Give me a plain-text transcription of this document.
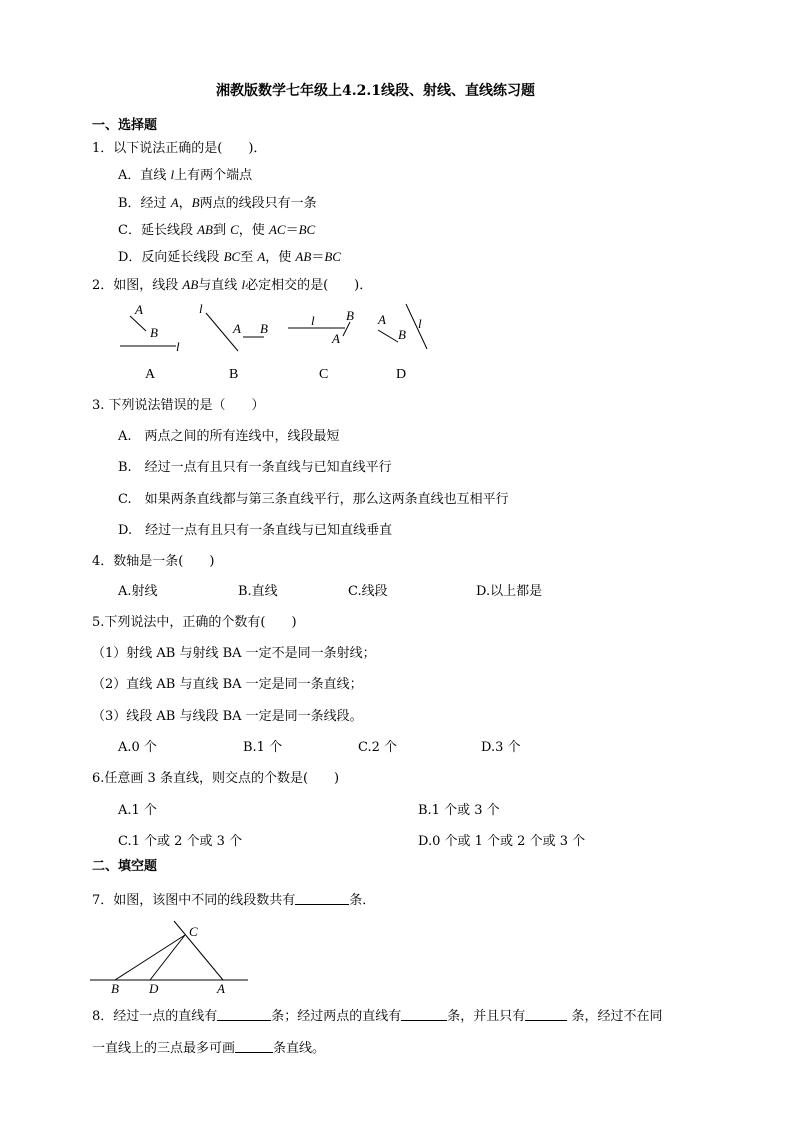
湘教版数学七年级上4.2.1线段、射线、直线练习题
一、选择题
1．以下说法正确的是(　　)．
A．直线 l上有两个端点
B．经过 A，B两点的线段只有一条
C．延长线段 AB到 C，使 AC＝BC
D．反向延长线段 BC至 A，使 AB＝BC
2．如图，线段 AB与直线 l必定相交的是(　　)．
A
B
l
l
A B
l B
A
A
B
l
A	B	C	D
3. 下列说法错误的是（　　）
A.　两点之间的所有连线中，线段最短
B.　经过一点有且只有一条直线与已知直线平行
C.　如果两条直线都与第三条直线平行，那么这两条直线也互相平行
D.　经过一点有且只有一条直线与已知直线垂直
4．数轴是一条(　　)
A.射线	B.直线	C.线段	D.以上都是
5.下列说法中，正确的个数有(　　)
（1）射线 AB 与射线 BA 一定不是同一条射线；
（2）直线 AB 与直线 BA 一定是同一条直线；
（3）线段 AB 与线段 BA 一定是同一条线段。
A.0 个	B.1 个	C.2 个	D.3 个
6.任意画 3 条直线，则交点的个数是(　　)
A.1 个	B.1 个或 3 个
C.1 个或 2 个或 3 个	D.0 个或 1 个或 2 个或 3 个
二、填空题
7．如图，该图中不同的线段数共有	条．
C
B D	A
8．经过一点的直线有	条；经过两点的直线有	条，并且只有	条，经过不在同
一直线上的三点最多可画	条直线。
